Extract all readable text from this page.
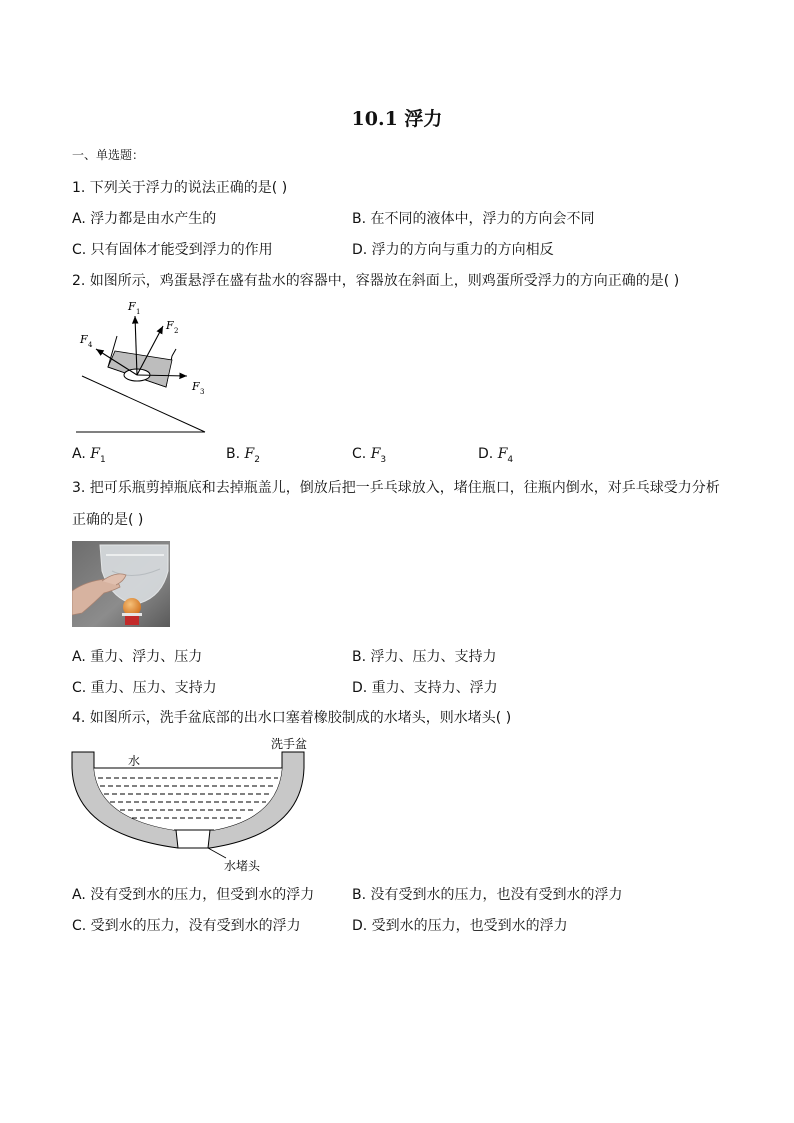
10.1 浮力
一、单选题：
1. 下列关于浮力的说法正确的是( )
A. 浮力都是由水产生的	B. 在不同的液体中，浮力的方向会不同
C. 只有固体才能受到浮力的作用	D. 浮力的方向与重力的方向相反
2. 如图所示，鸡蛋悬浮在盛有盐水的容器中，容器放在斜面上，则鸡蛋所受浮力的方向正确的是( )
F 1
F 2
F 3
F 4
A. $F_1$	B. $F_2$	C. $F_3$	D. $F_4$
3. 把可乐瓶剪掉瓶底和去掉瓶盖儿，倒放后把一乒乓球放入，堵住瓶口，往瓶内倒水，对乒乓球受力分析
正确的是( )
A. 重力、浮力、压力	B. 浮力、压力、支持力
C. 重力、压力、支持力	D. 重力、支持力、浮力
4. 如图所示，洗手盆底部的出水口塞着橡胶制成的水堵头，则水堵头( )
洗手盆
水
水堵头
A. 没有受到水的压力，但受到水的浮力	B. 没有受到水的压力，也没有受到水的浮力
C. 受到水的压力，没有受到水的浮力	D. 受到水的压力，也受到水的浮力
